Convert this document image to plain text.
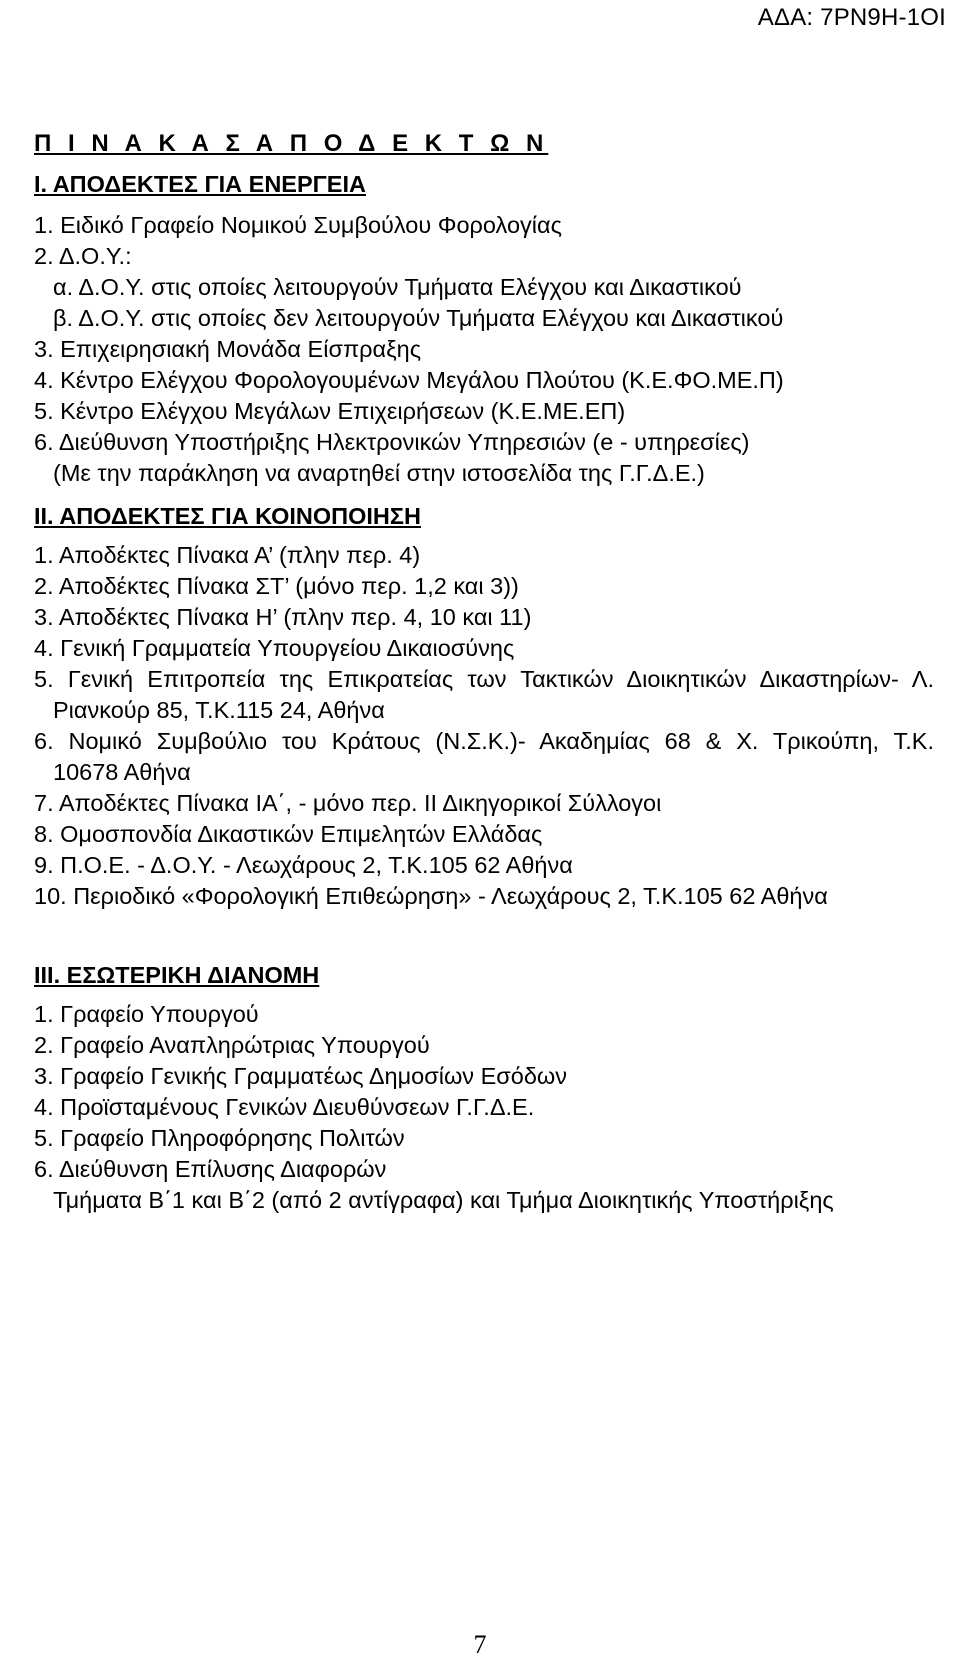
ΑΔΑ: 7ΡΝ9Η-1ΟΙ
Π Ι Ν Α Κ Α Σ Α Π Ο Δ Ε Κ Τ Ω Ν
Ι. ΑΠΟΔΕΚΤΕΣ ΓΙΑ ΕΝΕΡΓΕΙΑ
1. Ειδικό Γραφείο Νομικού Συμβούλου Φορολογίας
2. Δ.Ο.Υ.:
α. Δ.Ο.Υ. στις οποίες λειτουργούν Τμήματα Ελέγχου και Δικαστικού
β. Δ.Ο.Υ. στις οποίες δεν λειτουργούν Τμήματα Ελέγχου και Δικαστικού
3. Επιχειρησιακή Μονάδα Είσπραξης
4. Κέντρο Ελέγχου Φορολογουμένων Μεγάλου Πλούτου (Κ.Ε.ΦΟ.ΜΕ.Π)
5. Κέντρο Ελέγχου Μεγάλων Επιχειρήσεων (Κ.Ε.ΜΕ.ΕΠ)
6. Διεύθυνση Υποστήριξης Ηλεκτρονικών Υπηρεσιών (e - υπηρεσίες)
(Με την παράκληση να αναρτηθεί στην ιστοσελίδα της Γ.Γ.Δ.Ε.)
ΙΙ. ΑΠΟΔΕΚΤΕΣ ΓΙΑ ΚΟΙΝΟΠΟΙΗΣΗ
1. Αποδέκτες Πίνακα Α’ (πλην περ. 4)
2. Αποδέκτες Πίνακα ΣΤ’ (μόνο περ. 1,2 και 3))
3. Αποδέκτες Πίνακα Η’ (πλην περ. 4, 10 και 11)
4. Γενική Γραμματεία Υπουργείου Δικαιοσύνης
5. Γενική Επιτροπεία της Επικρατείας των Τακτικών Διοικητικών Δικαστηρίων- Λ.
Ριανκούρ 85, Τ.Κ.115 24, Αθήνα
6. Νομικό Συμβούλιο του Κράτους (Ν.Σ.Κ.)- Ακαδημίας 68 & Χ. Τρικούπη, Τ.Κ.
10678 Αθήνα
7. Αποδέκτες Πίνακα ΙΑ΄, - μόνο περ. ΙΙ Δικηγορικοί Σύλλογοι
8. Ομοσπονδία Δικαστικών Επιμελητών Ελλάδας
9. Π.Ο.Ε. - Δ.Ο.Υ. - Λεωχάρους 2, Τ.Κ.105 62 Αθήνα
10. Περιοδικό «Φορολογική Επιθεώρηση» - Λεωχάρους 2, Τ.Κ.105 62 Αθήνα
ΙΙΙ. ΕΣΩΤΕΡΙΚΗ ΔΙΑΝΟΜΗ
1. Γραφείο Υπουργού
2. Γραφείο Αναπληρώτριας Υπουργού
3. Γραφείο Γενικής Γραμματέως Δημοσίων Εσόδων
4. Προϊσταμένους Γενικών Διευθύνσεων Γ.Γ.Δ.Ε.
5. Γραφείο Πληροφόρησης Πολιτών
6. Διεύθυνση Επίλυσης Διαφορών
Τμήματα Β΄1 και Β΄2 (από 2 αντίγραφα) και Τμήμα Διοικητικής Υποστήριξης
7
